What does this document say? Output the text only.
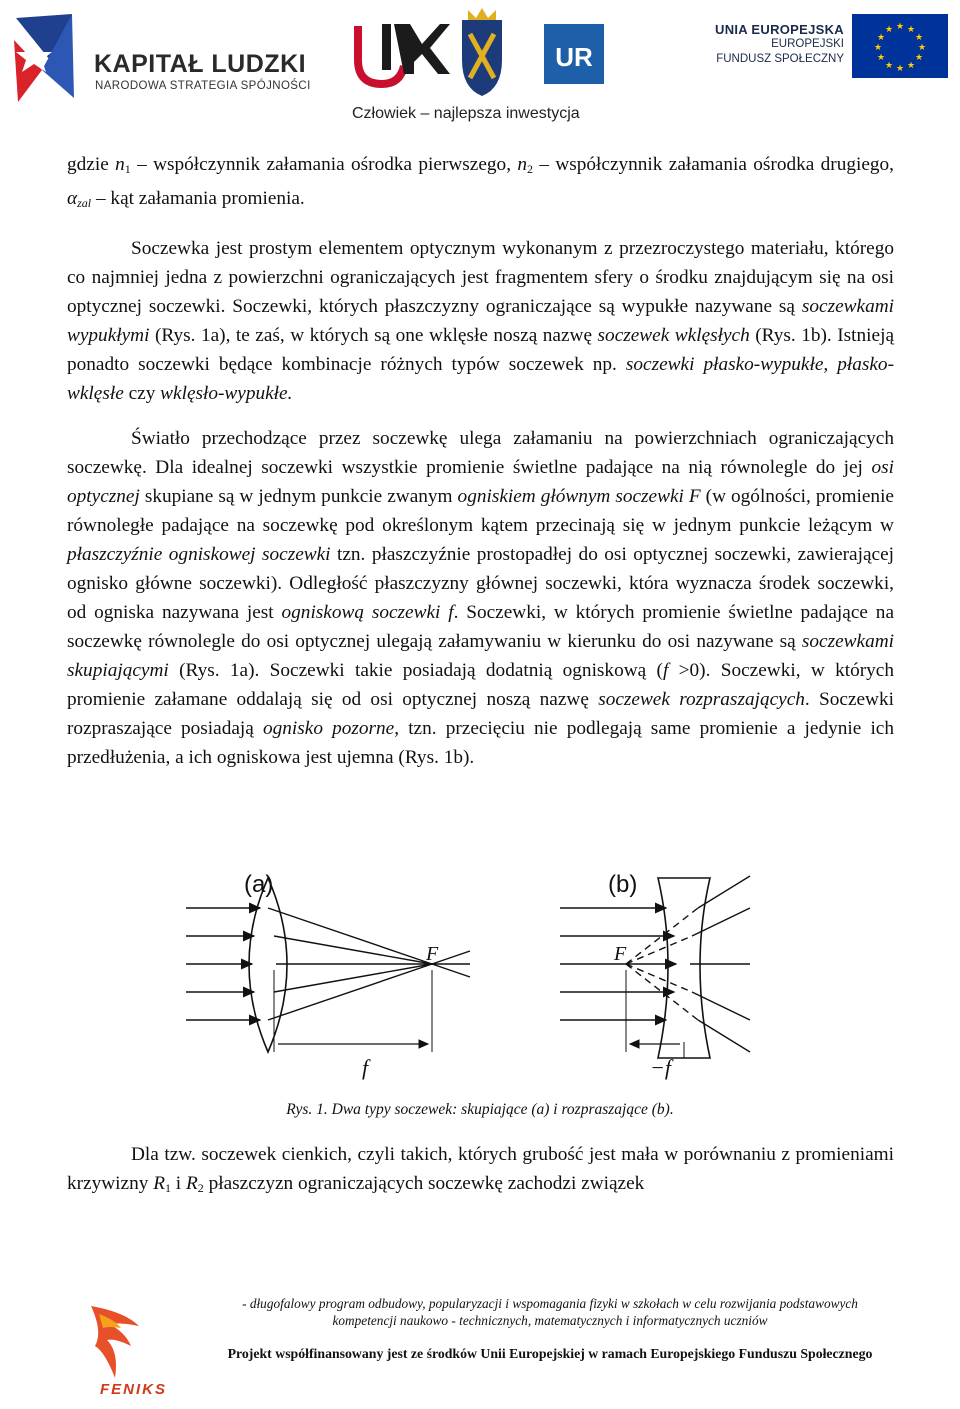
KAPITAŁ LUDZKI
NARODOWA STRATEGIA SPÓJNOŚCI
UR
UNIA EUROPEJSKA
EUROPEJSKI
FUNDUSZ SPOŁECZNY
★ ★
★
★
★
★
★
★
★
★
★
★
Człowiek – najlepsza inwestycja

gdzie $n_1$ – współczynnik załamania ośrodka pierwszego, $n_2$ – współczynnik załamania ośrodka drugiego, $\alpha_{zal}$ – kąt załamania promienia.

Soczewka jest prostym elementem optycznym wykonanym z przezroczystego materiału, którego co najmniej jedna z powierzchni ograniczających jest fragmentem sfery o środku znajdującym się na osi optycznej soczewki. Soczewki, których płaszczyzny ograniczające są wypukłe nazywane są soczewkami wypukłymi (Rys. 1a), te zaś, w których są one wklęsłe noszą nazwę soczewek wklęsłych (Rys. 1b). Istnieją ponadto soczewki będące kombinacje różnych typów soczewek np. soczewki płasko-wypukłe, płasko-wklęsłe czy wklęsło-wypukłe.

Światło przechodzące przez soczewkę ulega załamaniu na powierzchniach ograniczających soczewkę. Dla idealnej soczewki wszystkie promienie świetlne padające na nią równolegle do jej osi optycznej skupiane są w jednym punkcie zwanym ogniskiem głównym soczewki F (w ogólności, promienie równoległe padające na soczewkę pod określonym kątem przecinają się w jednym punkcie leżącym w płaszczyźnie ogniskowej soczewki tzn. płaszczyźnie prostopadłej do osi optycznej soczewki, zawierającej ognisko główne soczewki). Odległość płaszczyzny głównej soczewki, która wyznacza środek soczewki, od ogniska nazywana jest ogniskową soczewki f. Soczewki, w których promienie świetlne padające na soczewkę równolegle do osi optycznej ulegają załamywaniu w kierunku do osi nazywane są soczewkami skupiającymi (Rys. 1a). Soczewki takie posiadają dodatnią ogniskową (f >0). Soczewki, w których promienie załamane oddalają się od osi optycznej noszą nazwę soczewek rozpraszających. Soczewki rozpraszające posiadają ognisko pozorne, tzn. przecięciu nie podlegają same promienie a jedynie ich przedłużenia, a ich ogniskowa jest ujemna (Rys. 1b).

(a)
F
f
(b)
F
−f
Rys. 1. Dwa typy soczewek: skupiające (a) i rozpraszające (b).

Dla tzw. soczewek cienkich, czyli takich, których grubość jest mała w porównaniu z promieniami krzywizny $R_1$ i $R_2$ płaszczyzn ograniczających soczewkę zachodzi związek

FENIKS
- długofalowy program odbudowy, popularyzacji i wspomagania fizyki w szkołach w celu rozwijania podstawowych
kompetencji naukowo - technicznych, matematycznych i informatycznych uczniów
Projekt współfinansowany jest ze środków Unii Europejskiej w ramach Europejskiego Funduszu Społecznego
